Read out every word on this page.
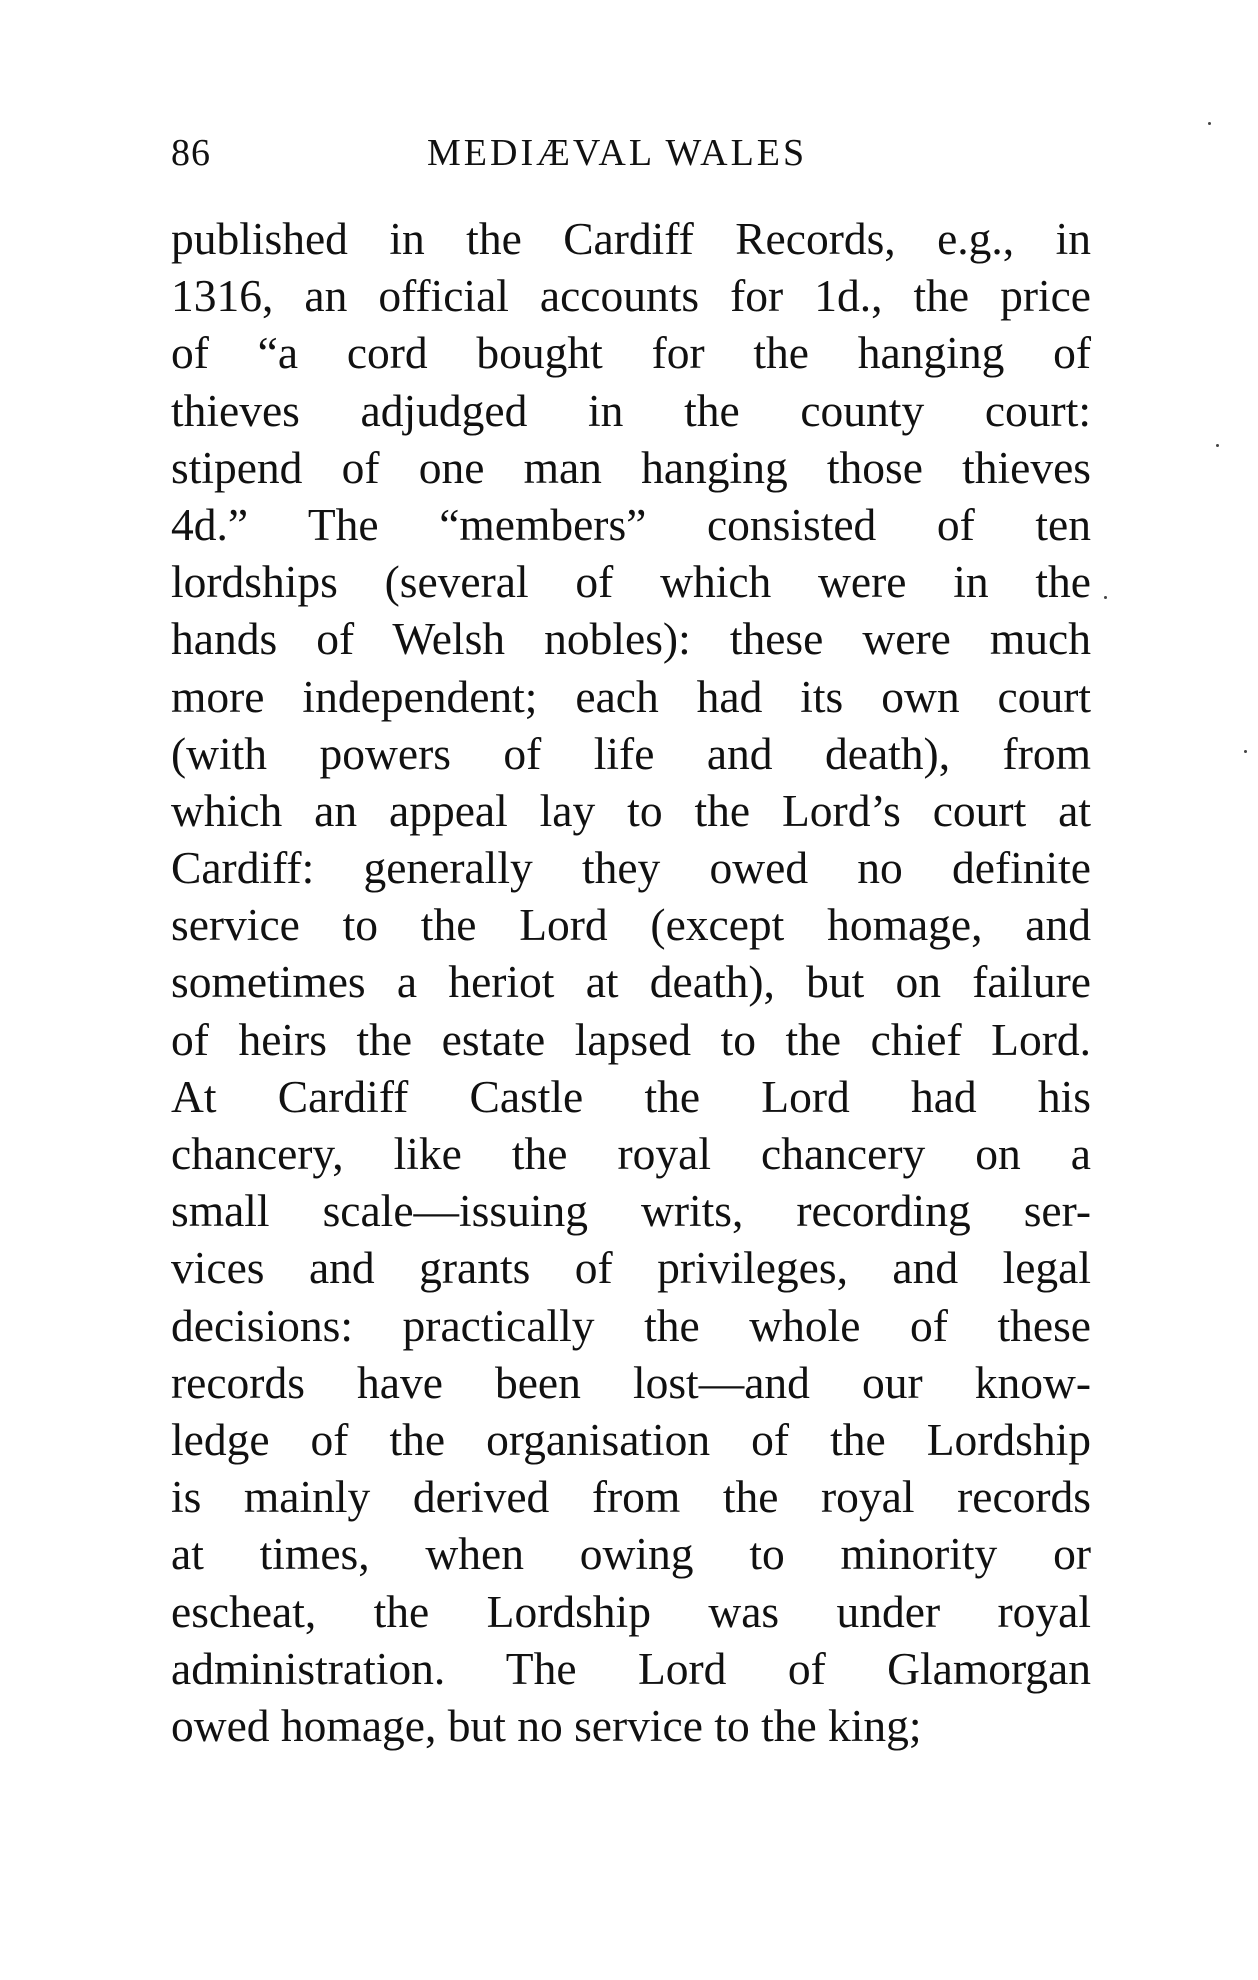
86	MEDIÆVAL WALES
published in the Cardiff Records, e.g., in
1316, an official accounts for 1d., the price
of “a cord bought for the hanging of
thieves adjudged in the county court:
stipend of one man hanging those thieves
4d.” The “members” consisted of ten
lordships (several of which were in the
hands of Welsh nobles): these were much
more independent; each had its own court
(with powers of life and death), from
which an appeal lay to the Lord’s court at
Cardiff: generally they owed no definite
service to the Lord (except homage, and
sometimes a heriot at death), but on failure
of heirs the estate lapsed to the chief Lord.
At Cardiff Castle the Lord had his
chancery, like the royal chancery on a
small scale—issuing writs, recording ser-
vices and grants of privileges, and legal
decisions: practically the whole of these
records have been lost—and our know-
ledge of the organisation of the Lordship
is mainly derived from the royal records
at times, when owing to minority or
escheat, the Lordship was under royal
administration. The Lord of Glamorgan
owed homage, but no service to the king;
